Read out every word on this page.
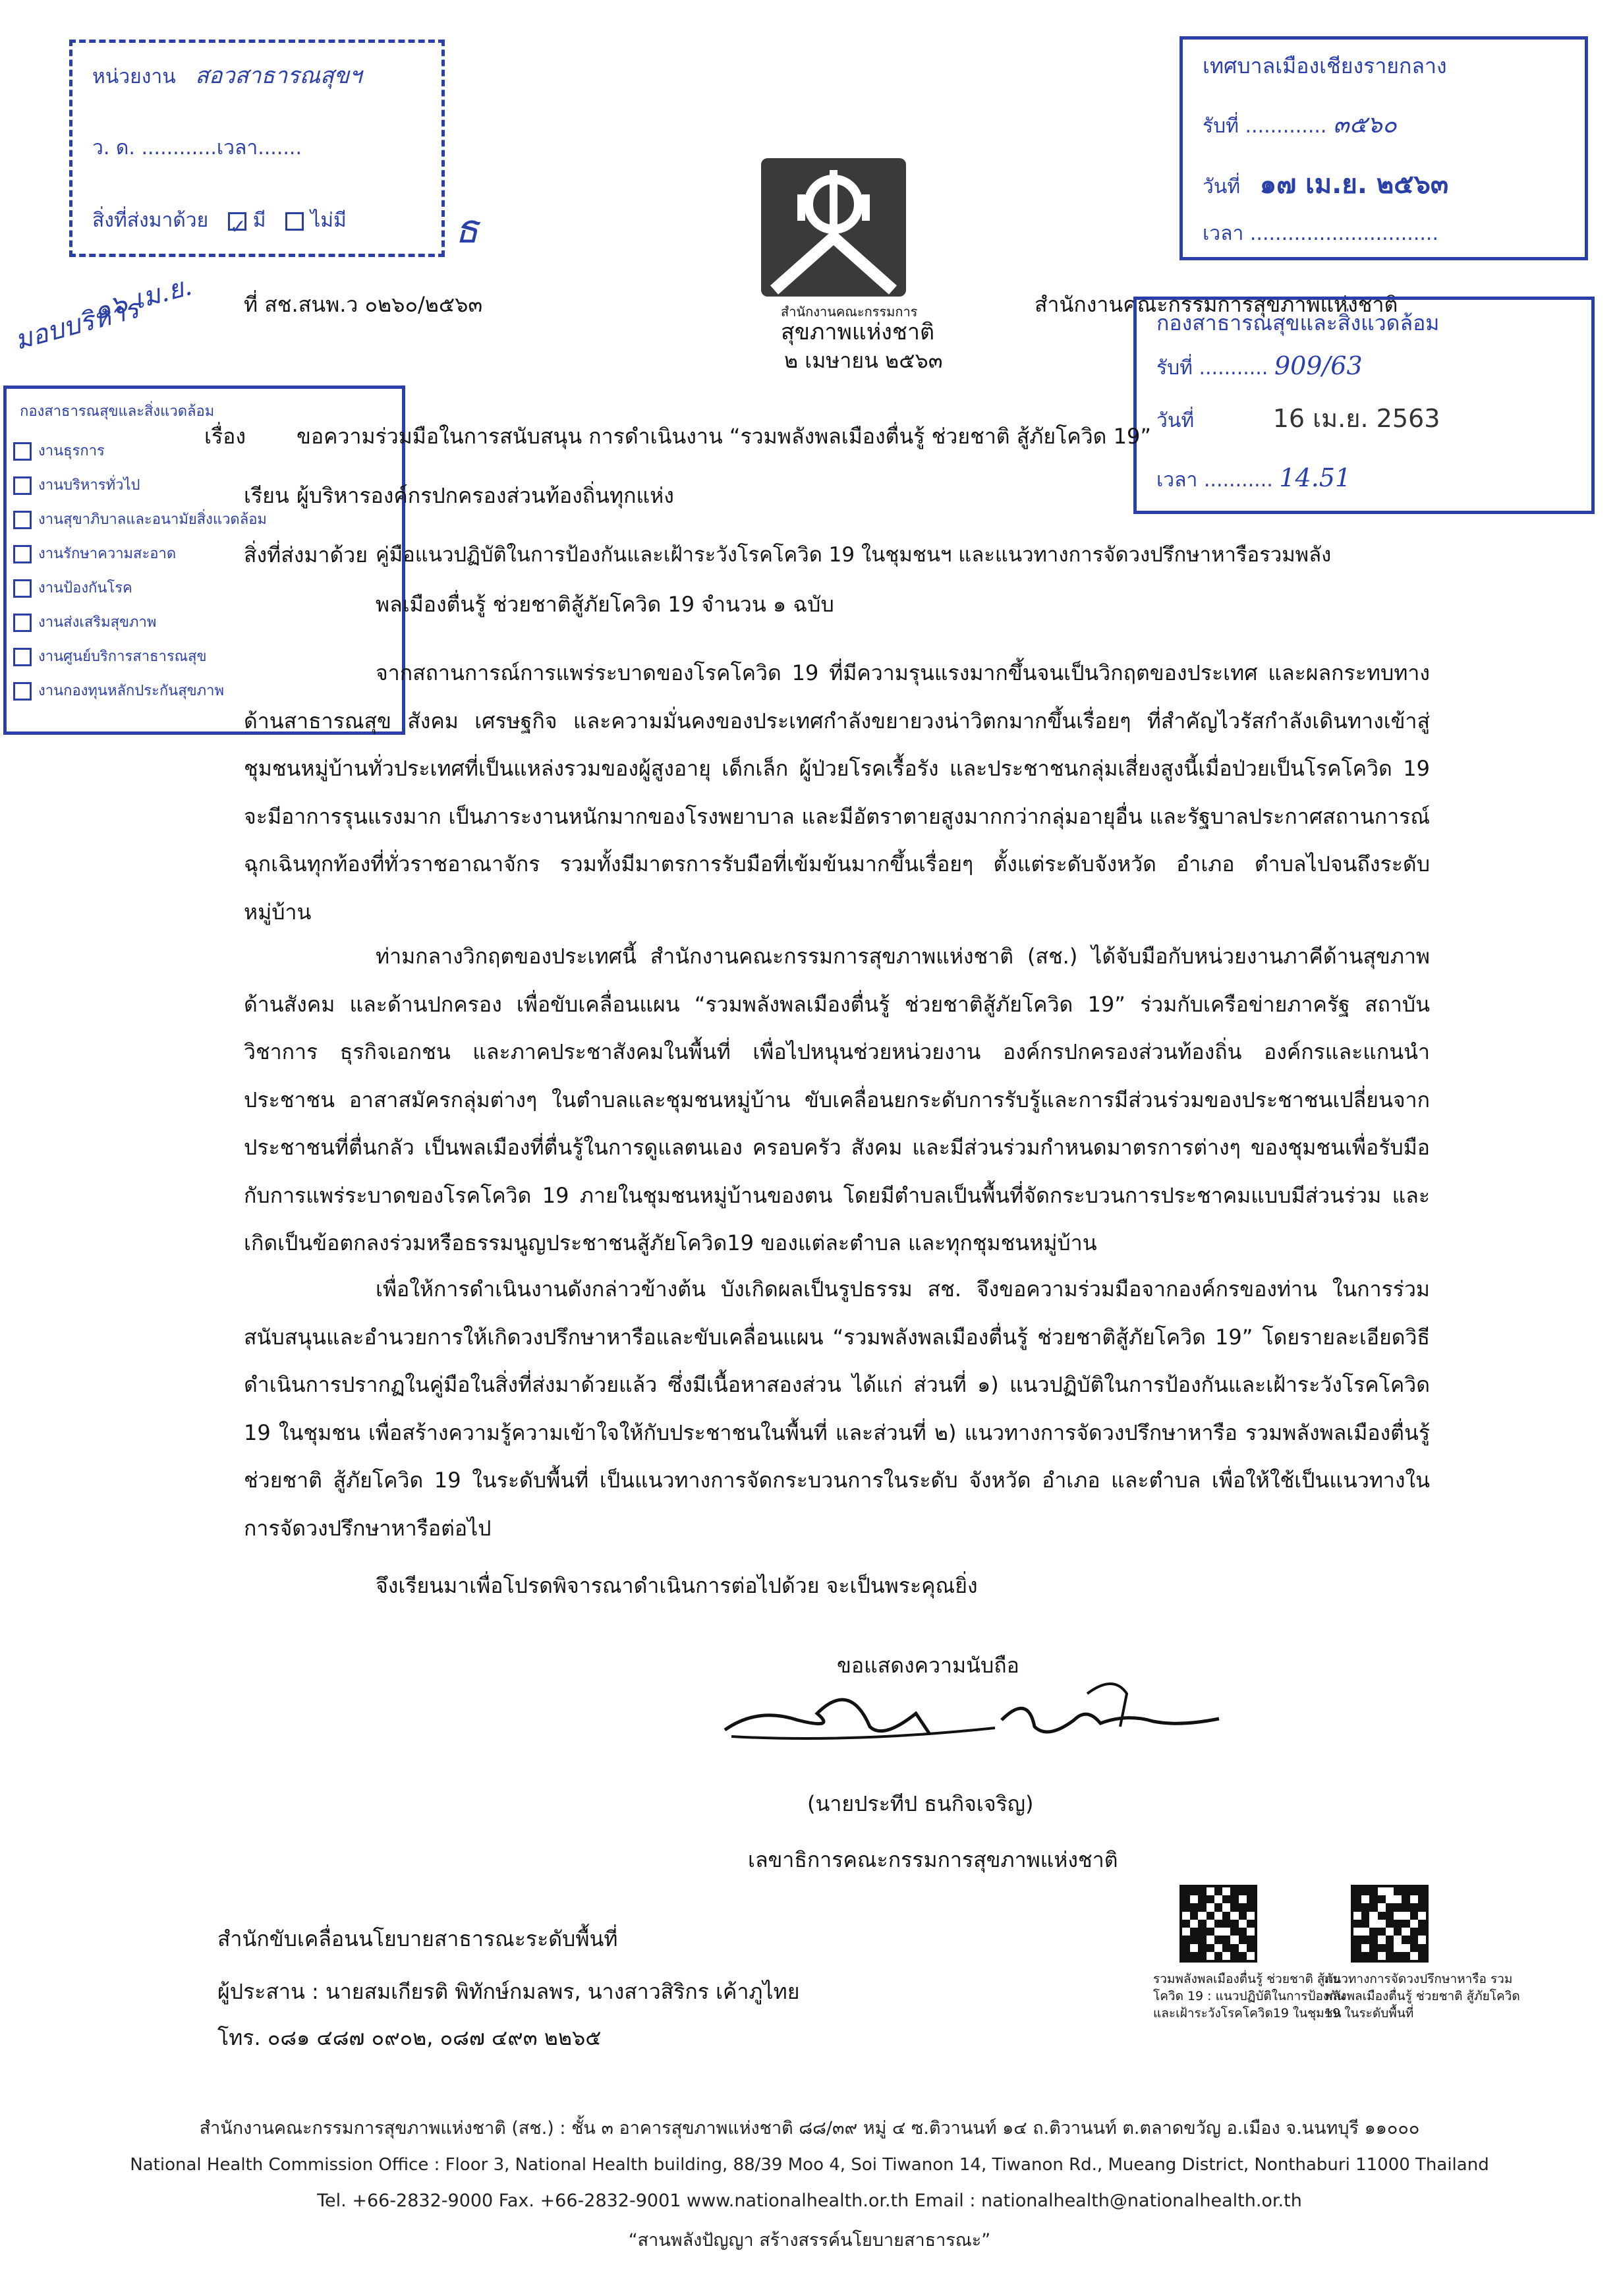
หน่วยงาน สอวสาธารณสุขฯ
ว. ด. ............เวลา.......
สิ่งที่ส่งมาด้วย ✓ มี ไม่มี	ธ
มอบบริหาร
๑๖ เม.ย.	สำนักงานคณะกรรมการ
สุขภาพแห่งชาติ
เทศบาลเมืองเชียงรายกลาง
รับที่ ............. ๓๕๖๐
วันที่ ๑๗ เม.ย. ๒๕๖๓
เวลา ..............................
ที่ สช.สนพ.ว ๐๒๖๐/๒๕๖๓	สำนักงานคณะกรรมการสุขภาพแห่งชาติ
๒ เมษายน ๒๕๖๓
กองสาธารณสุขและสิ่งแวดล้อม
รับที่ ........... 909/63
วันที่	16 เม.ย. 2563
เวลา ........... 14.51
กองสาธารณสุขและสิ่งแวดล้อม
งานธุรการ
งานบริหารทั่วไป
งานสุขาภิบาลและอนามัยสิ่งแวดล้อม
งานรักษาความสะอาด
งานป้องกันโรค
งานส่งเสริมสุขภาพ
งานศูนย์บริการสาธารณสุข
งานกองทุนหลักประกันสุขภาพ
เรื่อง ขอความร่วมมือในการสนับสนุน การดำเนินงาน “รวมพลังพลเมืองตื่นรู้ ช่วยชาติ สู้ภัยโควิด 19”
เรียน ผู้บริหารองค์กรปกครองส่วนท้องถิ่นทุกแห่ง
สิ่งที่ส่งมาด้วย คู่มือแนวปฏิบัติในการป้องกันและเฝ้าระวังโรคโควิด 19 ในชุมชนฯ และแนวทางการจัดวงปรึกษาหารือรวมพลัง
พลเมืองตื่นรู้ ช่วยชาติสู้ภัยโควิด 19 จำนวน ๑ ฉบับ
จากสถานการณ์การแพร่ระบาดของโรคโควิด 19 ที่มีความรุนแรงมากขึ้นจนเป็นวิกฤตของประเทศ และผลกระทบทางด้านสาธารณสุข สังคม เศรษฐกิจ และความมั่นคงของประเทศกำลังขยายวงน่าวิตกมากขึ้นเรื่อยๆ ที่สำคัญไวรัสกำลังเดินทางเข้าสู่ชุมชนหมู่บ้านทั่วประเทศที่เป็นแหล่งรวมของผู้สูงอายุ เด็กเล็ก ผู้ป่วยโรคเรื้อรัง และประชาชนกลุ่มเสี่ยงสูงนี้เมื่อป่วยเป็นโรคโควิด 19 จะมีอาการรุนแรงมาก เป็นภาระงานหนักมากของโรงพยาบาล และมีอัตราตายสูงมากกว่ากลุ่มอายุอื่น และรัฐบาลประกาศสถานการณ์ฉุกเฉินทุกท้องที่ทั่วราชอาณาจักร รวมทั้งมีมาตรการรับมือที่เข้มข้นมากขึ้นเรื่อยๆ ตั้งแต่ระดับจังหวัด อำเภอ ตำบลไปจนถึงระดับหมู่บ้าน
ท่ามกลางวิกฤตของประเทศนี้ สำนักงานคณะกรรมการสุขภาพแห่งชาติ (สช.) ได้จับมือกับหน่วยงานภาคีด้านสุขภาพ ด้านสังคม และด้านปกครอง เพื่อขับเคลื่อนแผน “รวมพลังพลเมืองตื่นรู้ ช่วยชาติสู้ภัยโควิด 19” ร่วมกับเครือข่ายภาครัฐ สถาบันวิชาการ ธุรกิจเอกชน และภาคประชาสังคมในพื้นที่ เพื่อไปหนุนช่วยหน่วยงาน องค์กรปกครองส่วนท้องถิ่น องค์กรและแกนนำประชาชน อาสาสมัครกลุ่มต่างๆ ในตำบลและชุมชนหมู่บ้าน ขับเคลื่อนยกระดับการรับรู้และการมีส่วนร่วมของประชาชนเปลี่ยนจากประชาชนที่ตื่นกลัว เป็นพลเมืองที่ตื่นรู้ในการดูแลตนเอง ครอบครัว สังคม และมีส่วนร่วมกำหนดมาตรการต่างๆ ของชุมชนเพื่อรับมือกับการแพร่ระบาดของโรคโควิด 19 ภายในชุมชนหมู่บ้านของตน โดยมีตำบลเป็นพื้นที่จัดกระบวนการประชาคมแบบมีส่วนร่วม และเกิดเป็นข้อตกลงร่วมหรือธรรมนูญประชาชนสู้ภัยโควิด19 ของแต่ละตำบล และทุกชุมชนหมู่บ้าน
เพื่อให้การดำเนินงานดังกล่าวข้างต้น บังเกิดผลเป็นรูปธรรม สช. จึงขอความร่วมมือจากองค์กรของท่าน ในการร่วมสนับสนุนและอำนวยการให้เกิดวงปรึกษาหารือและขับเคลื่อนแผน “รวมพลังพลเมืองตื่นรู้ ช่วยชาติสู้ภัยโควิด 19” โดยรายละเอียดวิธีดำเนินการปรากฏในคู่มือในสิ่งที่ส่งมาด้วยแล้ว ซึ่งมีเนื้อหาสองส่วน ได้แก่ ส่วนที่ ๑) แนวปฏิบัติในการป้องกันและเฝ้าระวังโรคโควิด 19 ในชุมชน เพื่อสร้างความรู้ความเข้าใจให้กับประชาชนในพื้นที่ และส่วนที่ ๒) แนวทางการจัดวงปรึกษาหารือ รวมพลังพลเมืองตื่นรู้ ช่วยชาติ สู้ภัยโควิด 19 ในระดับพื้นที่ เป็นแนวทางการจัดกระบวนการในระดับ จังหวัด อำเภอ และตำบล เพื่อให้ใช้เป็นแนวทางในการจัดวงปรึกษาหารือต่อไป
จึงเรียนมาเพื่อโปรดพิจารณาดำเนินการต่อไปด้วย จะเป็นพระคุณยิ่ง
ขอแสดงความนับถือ
(นายประทีป ธนกิจเจริญ)
เลขาธิการคณะกรรมการสุขภาพแห่งชาติ
สำนักขับเคลื่อนนโยบายสาธารณะระดับพื้นที่
ผู้ประสาน : นายสมเกียรติ พิทักษ์กมลพร, นางสาวสิริกร เค้าภูไทย
โทร. ๐๘๑ ๔๘๗ ๐๙๐๒, ๐๘๗ ๔๙๓ ๒๒๖๕
รวมพลังพลเมืองตื่นรู้ ช่วยชาติ สู้ภัย
โควิด 19 : แนวปฏิบัติในการป้องกัน
และเฝ้าระวังโรคโควิด19 ในชุมชน
แนวทางการจัดวงปรึกษาหารือ รวม
พลังพลเมืองตื่นรู้ ช่วยชาติ สู้ภัยโควิด
19 ในระดับพื้นที่
สำนักงานคณะกรรมการสุขภาพแห่งชาติ (สช.) : ชั้น ๓ อาคารสุขภาพแห่งชาติ ๘๘/๓๙ หมู่ ๔ ซ.ติวานนท์ ๑๔ ถ.ติวานนท์ ต.ตลาดขวัญ อ.เมือง จ.นนทบุรี ๑๑๐๐๐
National Health Commission Office : Floor 3, National Health building, 88/39 Moo 4, Soi Tiwanon 14, Tiwanon Rd., Mueang District, Nonthaburi 11000 Thailand
Tel. +66-2832-9000 Fax. +66-2832-9001 www.nationalhealth.or.th Email : nationalhealth@nationalhealth.or.th
“สานพลังปัญญา สร้างสรรค์นโยบายสาธารณะ”
